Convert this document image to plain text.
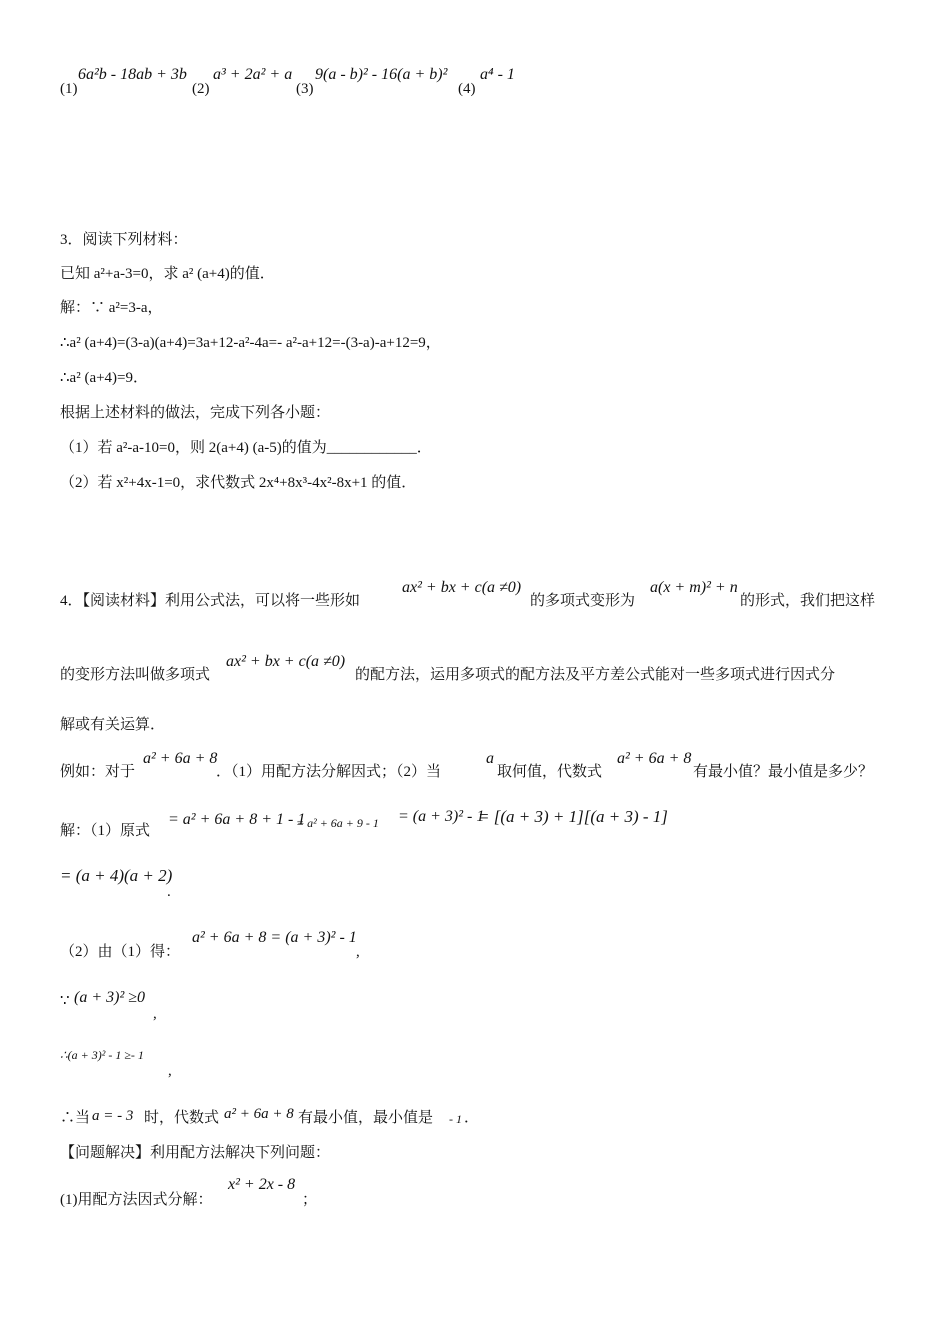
(1)
6a²b - 18ab + 3b
(2)
a³ + 2a² + a
(3)
9(a - b)² - 16(a + b)²
(4)
a⁴ - 1
3．阅读下列材料：
已知 a²+a-3=0，求 a² (a+4)的值．
解：∵ a²=3-a，
∴a² (a+4)=(3-a)(a+4)=3a+12-a²-4a=- a²-a+12=-(3-a)-a+12=9，
∴a² (a+4)=9．
根据上述材料的做法，完成下列各小题：
（1）若 a²-a-10=0，则 2(a+4) (a-5)的值为____________．
（2）若 x²+4x-1=0，求代数式 2x⁴+8x³-4x²-8x+1 的值．
4．【阅读材料】利用公式法，可以将一些形如
ax² + bx + c(a ≠0)
的多项式变形为
a(x + m)² + n
的形式，我们把这样
的变形方法叫做多项式
ax² + bx + c(a ≠0)
的配方法，运用多项式的配方法及平方差公式能对一些多项式进行因式分
解或有关运算．
例如：对于
a² + 6a + 8
．（1）用配方法分解因式；（2）当
a
取何值，代数式
a² + 6a + 8
有最小值？最小值是多少？
解：（1）原式
= a² + 6a + 8 + 1 - 1
= a² + 6a + 9 - 1 = (a + 3)² - 1
= [(a + 3) + 1][(a + 3) - 1]
= (a + 4)(a + 2)
.
（2）由（1）得：
a² + 6a + 8 = (a + 3)² - 1
,
∵ (a + 3)² ≥0
,
∴(a + 3)² - 1 ≥- 1
,
∴当 a = - 3 时，代数式 a² + 6a + 8 有最小值，最小值是 - 1 ．
【问题解决】利用配方法解决下列问题：
(1)用配方法因式分解：
x² + 2x - 8
；
